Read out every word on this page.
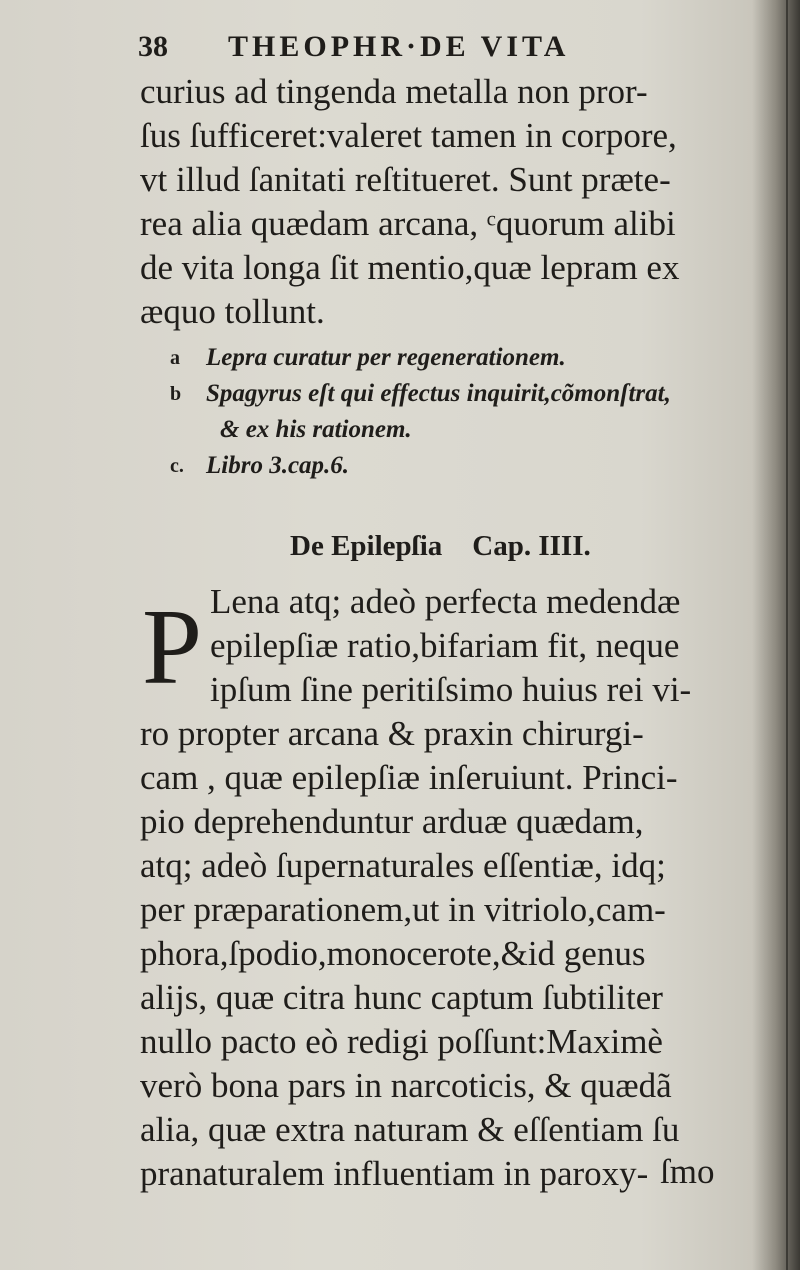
38 THEOPHR·DE VITA
curius ad tingenda metalla non pror-
ſus ſufficeret:valeret tamen in corpore,
vt illud ſanitati reſtitueret. Sunt præte-
rea alia quædam arcana, ᶜquorum alibi
de vita longa ſit mentio,quæ lepram ex
æquo tollunt.
a Lepra curatur per regenerationem.
b Spagyrus eſt qui effectus inquirit,cõmonſtrat,
& ex his rationem.
c. Libro 3.cap.6.
De Epilepſia Cap. IIII.
P Lena atq; adeò perfecta medendæ
epilepſiæ ratio,bifariam fit, neque
ipſum ſine peritiſsimo huius rei vi-
ro propter arcana & praxin chirurgi-
cam , quæ epilepſiæ inſeruiunt. Princi-
pio deprehenduntur arduæ quædam,
atq; adeò ſupernaturales eſſentiæ, idq;
per præparationem,ut in vitriolo,cam-
phora,ſpodio,monocerote,&id genus
aliјs, quæ citra hunc captum ſubtiliter
nullo pacto eò redigi poſſunt:Maximè
verò bona pars in narcoticis, & quædã
alia, quæ extra naturam & eſſentiam ſu
pranaturalem influentiam in paroxy- ſmo
